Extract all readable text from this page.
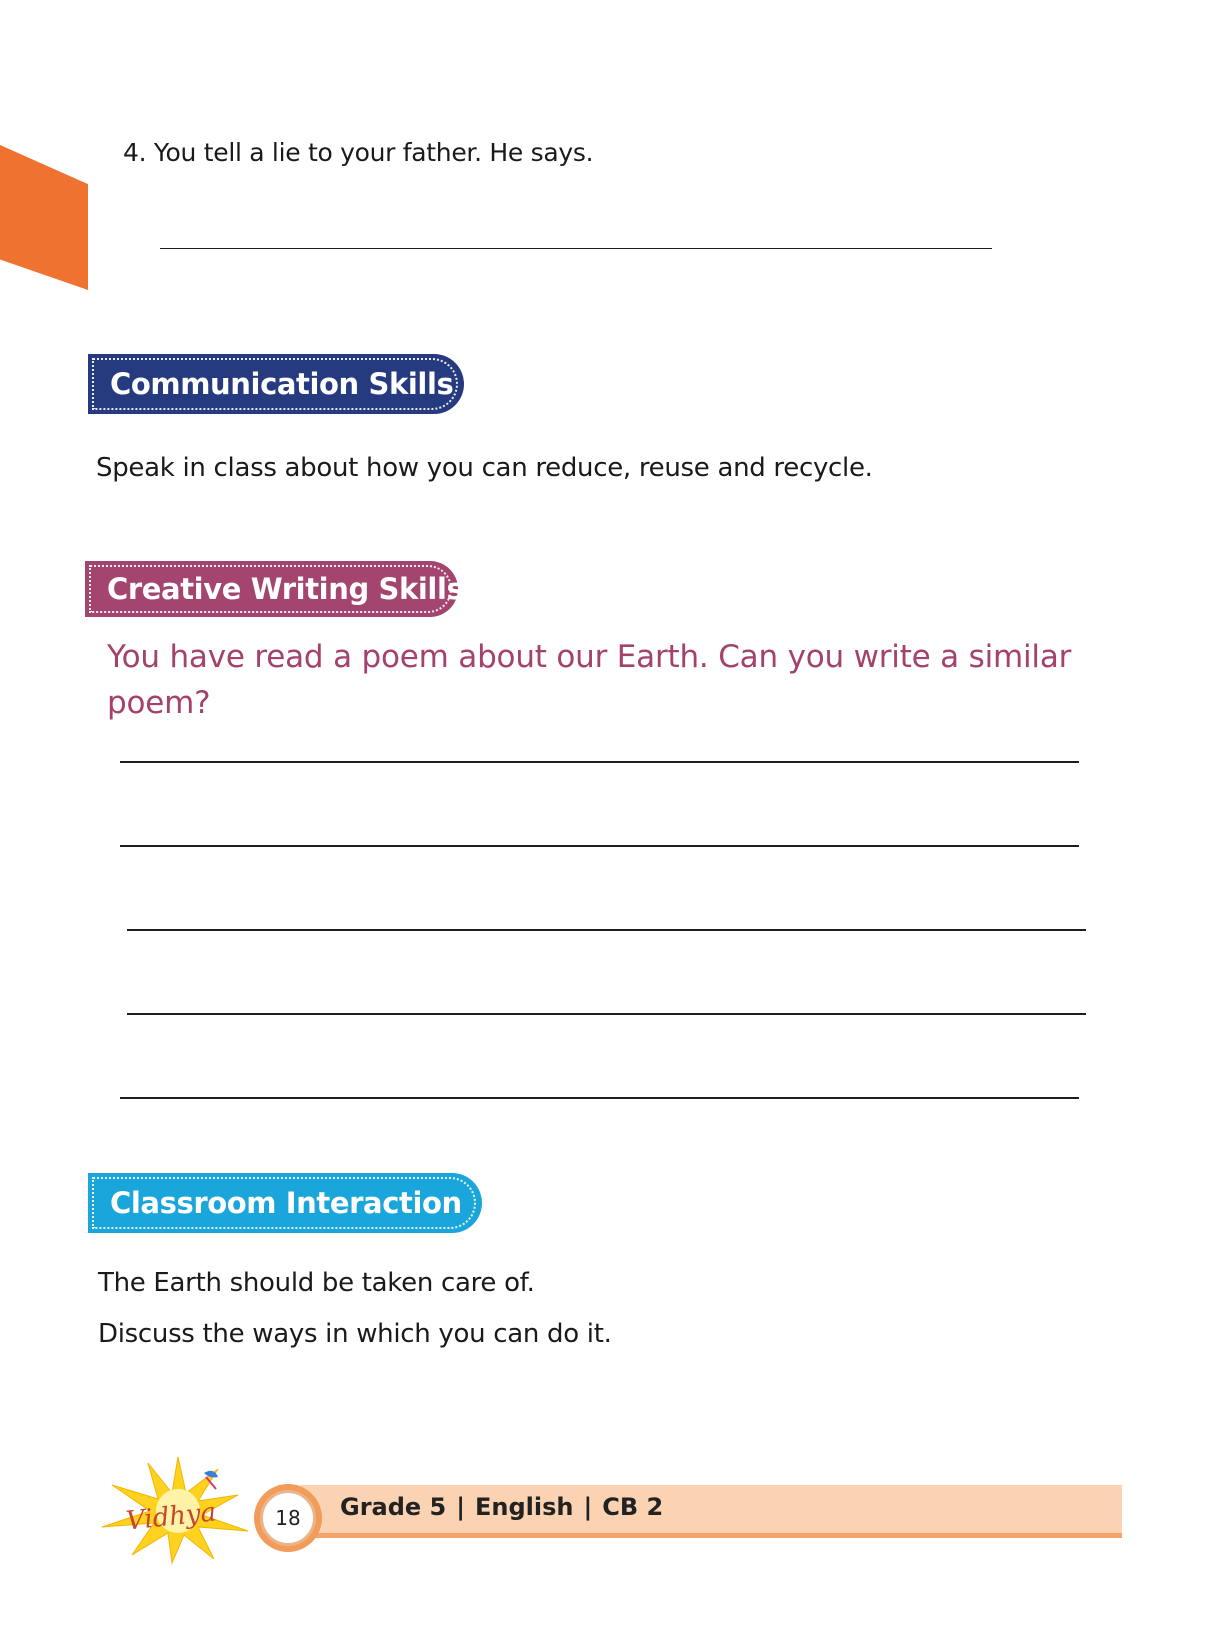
4. You tell a lie to your father. He says.
Communication Skills
Speak in class about how you can reduce, reuse and recycle.
Creative Writing Skills
You have read a poem about our Earth. Can you write a similar
poem?
Classroom Interaction
The Earth should be taken care of.
Discuss the ways in which you can do it.
Vidhya	18	Grade 5 | English | CB 2
